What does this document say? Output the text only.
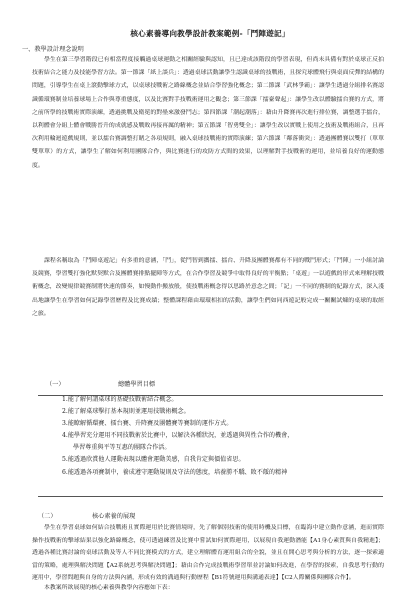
核心素養導向教學設計教案範例-「鬥陣遊記」
一、教學設計理念說明

學生在第三學習階段已有相當程度接觸過桌球運動之相關經驗與認知，且已達成該階段的學習表現，但尚未具備有對於桌球正反拍技術結合之能力及技能學習方法。第一節課「紙上談兵」：透過桌球活動讓學生認識桌球的技戰術，且探究球體飛行與桌面反彈的結構的問題，引導學生在桌上滾動擊球方式，以桌球技戰術之路線概念並結合學習強化概念；第二節課「武林爭霸」：讓學生透過分組排名賽認識循環賽制並培養球場上合作與尊重態度，以及比賽對手技戰術運用之觀念；第三節課「擂臺聲起」：讓學生改以體驗擂台賽的方式，將之前所學的技戰術實際演練，透過挑戰及衛冕的對壘來激發鬥志；第四節課「潮起潮落」：藉由升降賽再次進行排位賽，調整選手擂台，以利體會分組上體會戰勝晉升的成就感及戰敗再接再厲的精神；第五節課「智勇雙全」：讓學生改以實戰上使用之技術及戰術組合，且再次利用輪迴遊戲規則，並以擂台賽調整打賭之各項規則，融入桌球技戰術的實際演練；第六節課「鄰落衝突」：透過團體賽以雙打（單單雙單單）的方式，讓學生了解如何利用團隊合作，與比賽進行的攻防方式間的效果，以理解對手技戰術的運用，並培養良好的運動態度。

課程名稱取為「鬥陣桌遊記」有多重的意涵，「鬥」，從鬥智到攜擂、擂台、升降及團體賽都有不同的戰鬥形式；「鬥陣」一小組討論及競賽，學習雙打強化默契默合及團體賽排點擺陣等方式，在合作學習及競爭中取得良好的平衡點；「桌遊」一以遊戲的形式來理解技戰術概念，改變規律競賽制將快速的節奏，如慢動作搬放般，使技戰術概念得以思路於意念之間；「記」一不同的賽制的紀錄方式，深入淺出地讓學生在學習如何記錄學習歷程及比賽成績；整體課程藉由環環相扣的活動，讓學生們如同西遊記般完成一關關試煉的桌球的取經之旅。

（一）	總體學習目標
1.能了解何謂桌球的基礎技戰術結合概念。
2.能了解桌球擊打基本規則並運用技戰術概念。
3.能瞭解循環賽、擂台賽、升降賽及團體賽等賽制的運作方式。
4.能學習充分運用不同技戰術於比賽中，以解決各種狀況，並透過與異性合作的機會，
學習尊重與平等互惠的團隊合作活。
5.能透過欣賞他人運動表現以體會運動美感，自我肯定與價值省思。
6.能透過各項賽制中，養成遵守運動規則及守法的態度，培養勝不驕、敗不餒的精神
（二）	核心素養的展現

學生在學習桌球如何結合技戰術且實際運用於比賽情境時，先了解個別技術的使用時機及目標，在臨海中建立動作意涵，進而實際操作技戰術的擊球結果以強化路線概念，使可透過練習及比賽中嘗試如何實際運用，以展現自我運動潛能【A1身心素質與自我精進】；透過各種比賽討論的桌球活動及等人不同比賽模式的方式，建立理解體育運用組合的全貌，並且在開心思考與分析的方法，逐一探索適當的策略，處理與解決問題【A2系統思考與解決問題】；藉由合作完成技戰術學習單並討論如何改進，在學習的探索，自我思考行動的運用中，學習問題與自身的方法與內涵，形成有效的溝通與行動歷程【B1符號運用與溝通表達】【C2人際關係與團隊合作】。

本教案所欲展現的核心素養與教學內容應如下表：
